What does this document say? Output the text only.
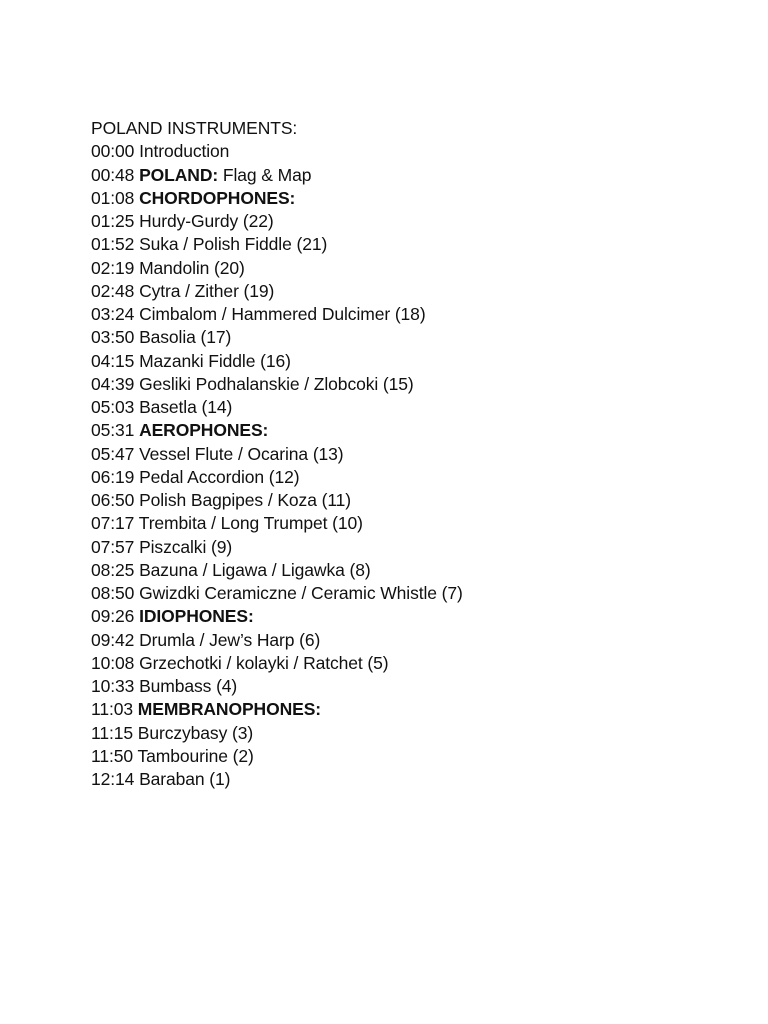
POLAND INSTRUMENTS:
00:00 Introduction
00:48 POLAND: Flag & Map
01:08 CHORDOPHONES:
01:25 Hurdy-Gurdy (22)
01:52 Suka / Polish Fiddle (21)
02:19 Mandolin (20)
02:48 Cytra / Zither (19)
03:24 Cimbalom / Hammered Dulcimer (18)
03:50 Basolia (17)
04:15 Mazanki Fiddle (16)
04:39 Gesliki Podhalanskie / Zlobcoki (15)
05:03 Basetla (14)
05:31 AEROPHONES:
05:47 Vessel Flute / Ocarina (13)
06:19 Pedal Accordion (12)
06:50 Polish Bagpipes / Koza (11)
07:17 Trembita / Long Trumpet (10)
07:57 Piszcalki (9)
08:25 Bazuna / Ligawa / Ligawka (8)
08:50 Gwizdki Ceramiczne / Ceramic Whistle (7)
09:26 IDIOPHONES:
09:42 Drumla / Jew’s Harp (6)
10:08 Grzechotki / kolayki / Ratchet (5)
10:33 Bumbass (4)
11:03 MEMBRANOPHONES:
11:15 Burczybasy (3)
11:50 Tambourine (2)
12:14 Baraban (1)
